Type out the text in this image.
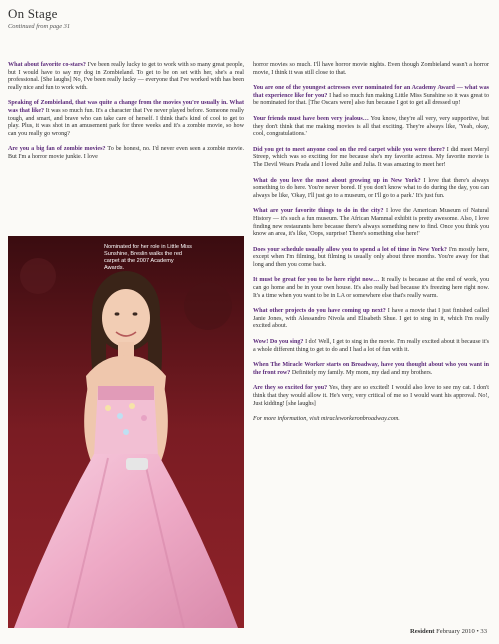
On Stage
Continued from page 31

What about favorite co-stars? I've been really lucky to get to work with so many great people, but I would have to say my dog in Zombieland. To get to be on set with her, she's a real professional. [She laughs] No, I've been really lucky — everyone that I've worked with has been really nice and fun to work with.

Speaking of Zombieland, that was quite a change from the movies you're usually in. What was that like? It was so much fun. It's a character that I've never played before. Someone really tough, and smart, and brave who can take care of herself. I think that's kind of cool to get to play. Plus, it was shot in an amusement park for three weeks and it's a zombie movie, so how can you really go wrong?

Are you a big fan of zombie movies? To be honest, no. I'd never even seen a zombie movie. But I'm a horror movie junkie. I love

Nominated for her role in Little Miss Sunshine, Breslin walks the red carpet at the 2007 Academy Awards.

horror movies so much. I'll have horror movie nights. Even though Zombieland wasn't a horror movie, I think it was still close to that.

You are one of the youngest actresses ever nominated for an Academy Award — what was that experience like for you? I had so much fun making Little Miss Sunshine so it was great to be nominated for that. [The Oscars were] also fun because I got to get all dressed up!

Your friends must have been very jealous… You know, they're all very, very supportive, but they don't think that me making movies is all that exciting. They're always like, 'Yeah, okay, cool, congratulations.'

Did you get to meet anyone cool on the red carpet while you were there? I did meet Meryl Streep, which was so exciting for me because she's my favorite actress. My favorite movie is The Devil Wears Prada and I loved Julie and Julia. It was amazing to meet her!

What do you love the most about growing up in New York? I love that there's always something to do here. You're never bored. If you don't know what to do during the day, you can always be like, 'Okay, I'll just go to a museum, or I'll go to a park.' It's just fun.

What are your favorite things to do in the city? I love the American Museum of Natural History — it's such a fun museum. The African Mammal exhibit is pretty awesome. Also, I love finding new restaurants here because there's always something new to find. Once you think you know an area, it's like, 'Oops, surprise! There's something else here!'

Does your schedule usually allow you to spend a lot of time in New York? I'm mostly here, except when I'm filming, but filming is usually only about three months. You're away for that long and then you come back.

It must be great for you to be here right now… It really is because at the end of work, you can go home and be in your own house. It's also really bad because it's freezing here right now. It's a time when you want to be in LA or somewhere else that's really warm.

What other projects do you have coming up next? I have a movie that I just finished called Janie Jones, with Alessandro Nivola and Elisabeth Shue. I get to sing in it, which I'm really excited about.

Wow! Do you sing? I do! Well, I get to sing in the movie. I'm really excited about it because it's a whole different thing to get to do and I had a lot of fun with it.

When The Miracle Worker starts on Broadway, have you thought about who you want in the front row? Definitely my family. My mom, my dad and my brothers.

Are they so excited for you? Yes, they are so excited! I would also love to see my cat. I don't think that they would allow it. He's very, very critical of me so I would want his approval. No!, Just kidding! [she laughs]

For more information, visit miracleworkeronbroadway.com.

Resident February 2010 • 33
